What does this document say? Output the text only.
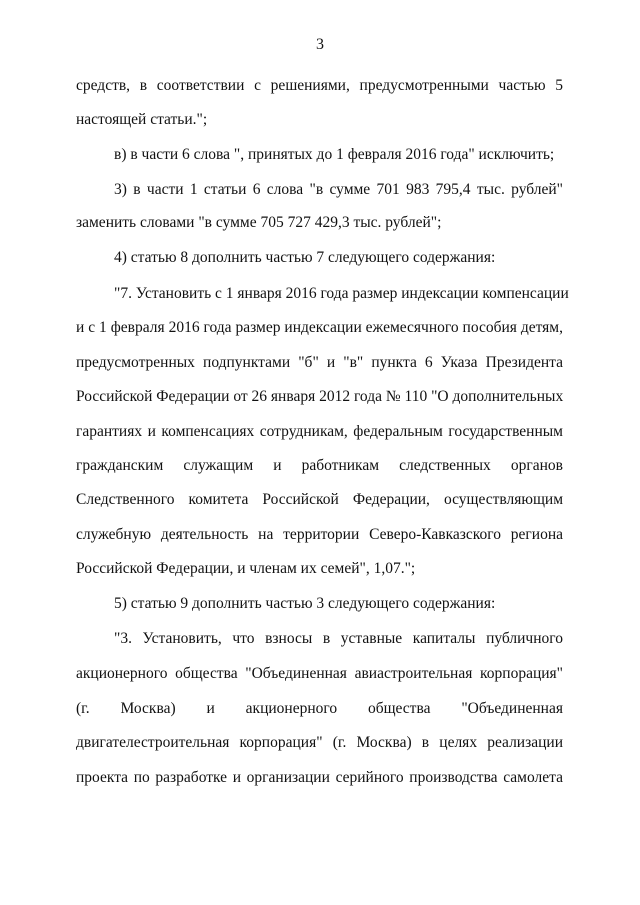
3
средств, в соответствии с решениями, предусмотренными частью 5
настоящей статьи.";
в) в части 6 слова ", принятых до 1 февраля 2016 года" исключить;
3) в части 1 статьи 6 слова "в сумме 701 983 795,4 тыс. рублей"
заменить словами "в сумме 705 727 429,3 тыс. рублей";
4) статью 8 дополнить частью 7 следующего содержания:
"7. Установить с 1 января 2016 года размер индексации компенсации
и с 1 февраля 2016 года размер индексации ежемесячного пособия детям,
предусмотренных подпунктами "б" и "в" пункта 6 Указа Президента
Российской Федерации от 26 января 2012 года № 110 "О дополнительных
гарантиях и компенсациях сотрудникам, федеральным государственным
гражданским служащим и работникам следственных органов
Следственного комитета Российской Федерации, осуществляющим
служебную деятельность на территории Северо-Кавказского региона
Российской Федерации, и членам их семей", 1,07.";
5) статью 9 дополнить частью 3 следующего содержания:
"3. Установить, что взносы в уставные капиталы публичного
акционерного общества "Объединенная авиастроительная корпорация"
(г. Москва) и акционерного общества "Объединенная
двигателестроительная корпорация" (г. Москва) в целях реализации
проекта по разработке и организации серийного производства самолета
